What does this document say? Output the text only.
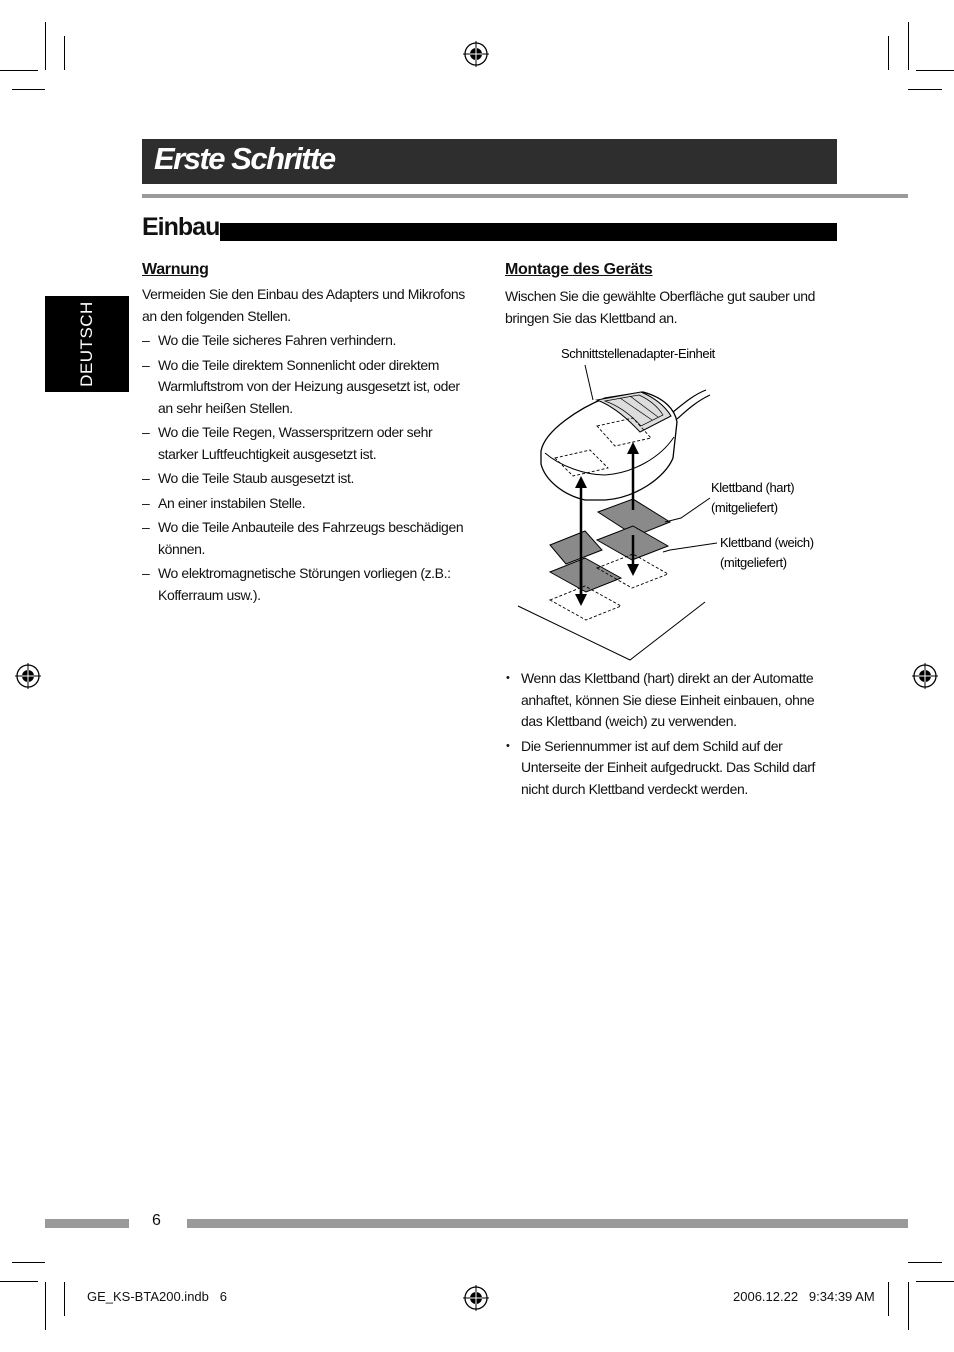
Erste Schritte
Einbau
DEUTSCH
Warnung
Vermeiden Sie den Einbau des Adapters und Mikrofons an den folgenden Stellen.
– Wo die Teile sicheres Fahren verhindern.
– Wo die Teile direktem Sonnenlicht oder direktem Warmluftstrom von der Heizung ausgesetzt ist, oder an sehr heißen Stellen.
– Wo die Teile Regen, Wasserspritzern oder sehr starker Luftfeuchtigkeit ausgesetzt ist.
– Wo die Teile Staub ausgesetzt ist.
– An einer instabilen Stelle.
– Wo die Teile Anbauteile des Fahrzeugs beschädigen können.
– Wo elektromagnetische Störungen vorliegen (z.B.: Kofferraum usw.).
Montage des Geräts
Wischen Sie die gewählte Oberfläche gut sauber und bringen Sie das Klettband an.
Schnittstellenadapter-Einheit
Klettband (hart)
(mitgeliefert)
Klettband (weich)
(mitgeliefert)
• Wenn das Klettband (hart) direkt an der Automatte anhaftet, können Sie diese Einheit einbauen, ohne das Klettband (weich) zu verwenden.
• Die Seriennummer ist auf dem Schild auf der Unterseite der Einheit aufgedruckt. Das Schild darf nicht durch Klettband verdeckt werden.
6
GE_KS-BTA200.indb   6	2006.12.22   9:34:39 AM
